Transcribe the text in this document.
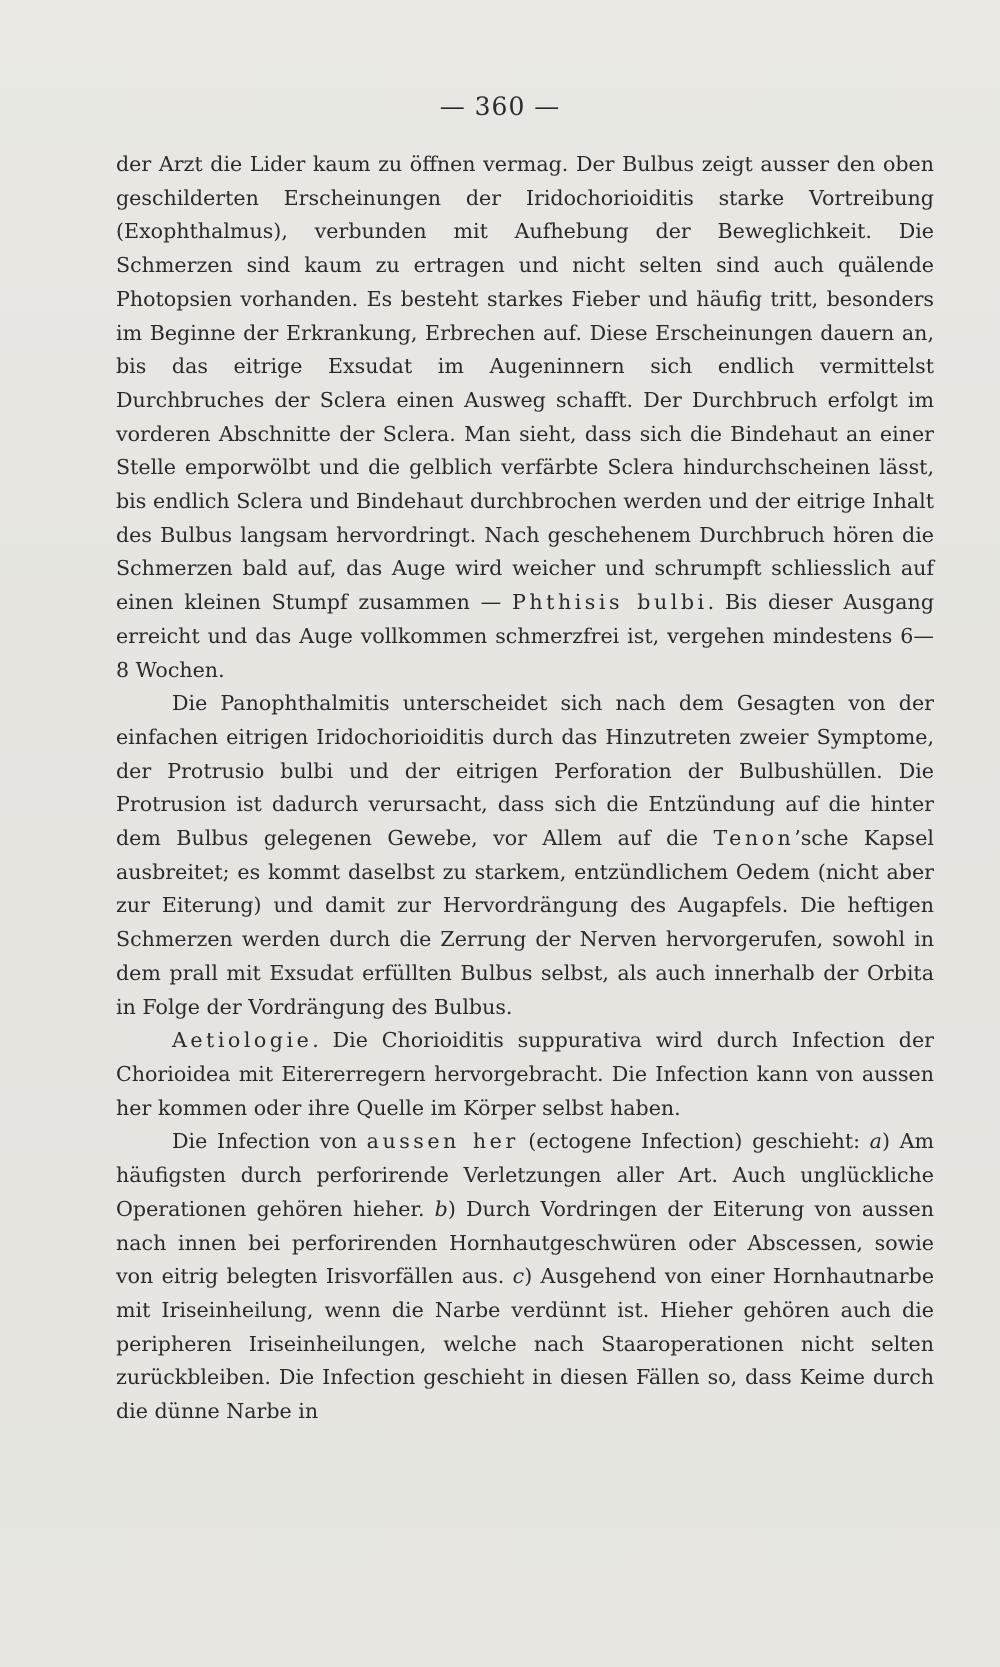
— 360 —

der Arzt die Lider kaum zu öffnen vermag. Der Bulbus zeigt ausser den oben geschilderten Erscheinungen der Iridochorioiditis starke Vortreibung (Exophthalmus), verbunden mit Aufhebung der Beweglichkeit. Die Schmerzen sind kaum zu ertragen und nicht selten sind auch quälende Photopsien vorhanden. Es besteht starkes Fieber und häufig tritt, besonders im Beginne der Erkrankung, Erbrechen auf. Diese Erscheinungen dauern an, bis das eitrige Exsudat im Augeninnern sich endlich vermittelst Durchbruches der Sclera einen Ausweg schafft. Der Durchbruch erfolgt im vorderen Abschnitte der Sclera. Man sieht, dass sich die Bindehaut an einer Stelle emporwölbt und die gelblich verfärbte Sclera hindurchscheinen lässt, bis endlich Sclera und Bindehaut durchbrochen werden und der eitrige Inhalt des Bulbus langsam hervordringt. Nach geschehenem Durchbruch hören die Schmerzen bald auf, das Auge wird weicher und schrumpft schliesslich auf einen kleinen Stumpf zusammen — Phthisis bulbi. Bis dieser Ausgang erreicht und das Auge vollkommen schmerzfrei ist, vergehen mindestens 6—8 Wochen.

Die Panophthalmitis unterscheidet sich nach dem Gesagten von der einfachen eitrigen Iridochorioiditis durch das Hinzutreten zweier Symptome, der Protrusio bulbi und der eitrigen Perforation der Bulbushüllen. Die Protrusion ist dadurch verursacht, dass sich die Entzündung auf die hinter dem Bulbus gelegenen Gewebe, vor Allem auf die Tenon’sche Kapsel ausbreitet; es kommt daselbst zu starkem, entzündlichem Oedem (nicht aber zur Eiterung) und damit zur Hervordrängung des Augapfels. Die heftigen Schmerzen werden durch die Zerrung der Nerven hervorgerufen, sowohl in dem prall mit Exsudat erfüllten Bulbus selbst, als auch innerhalb der Orbita in Folge der Vordrängung des Bulbus.

Aetiologie. Die Chorioiditis suppurativa wird durch Infection der Chorioidea mit Eitererregern hervorgebracht. Die Infection kann von aussen her kommen oder ihre Quelle im Körper selbst haben.

Die Infection von aussen her (ectogene Infection) geschieht: a) Am häufigsten durch perforirende Verletzungen aller Art. Auch unglückliche Operationen gehören hieher. b) Durch Vordringen der Eiterung von aussen nach innen bei perforirenden Hornhautgeschwüren oder Abscessen, sowie von eitrig belegten Irisvorfällen aus. c) Ausgehend von einer Hornhautnarbe mit Iriseinheilung, wenn die Narbe verdünnt ist. Hieher gehören auch die peripheren Iriseinheilungen, welche nach Staaroperationen nicht selten zurückbleiben. Die Infection geschieht in diesen Fällen so, dass Keime durch die dünne Narbe in
